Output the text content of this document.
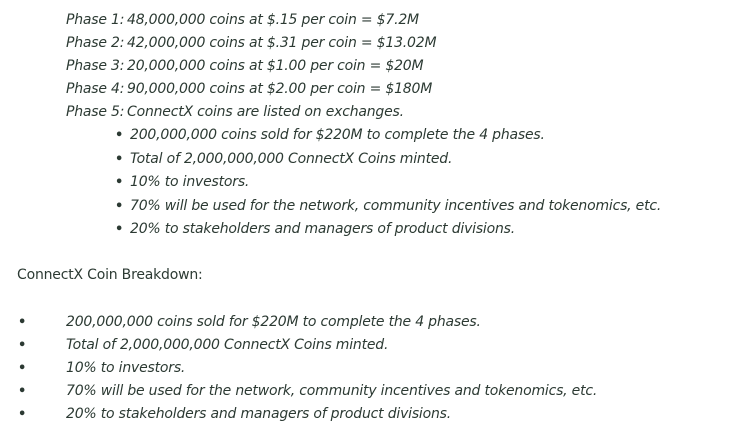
Phase 1: 48,000,000 coins at $.15 per coin = $7.2M
Phase 2: 42,000,000 coins at $.31 per coin = $13.02M
Phase 3: 20,000,000 coins at $1.00 per coin = $20M
Phase 4: 90,000,000 coins at $2.00 per coin = $180M
Phase 5: ConnectX coins are listed on exchanges.
• 200,000,000 coins sold for $220M to complete the 4 phases.
• Total of 2,000,000,000 ConnectX Coins minted.
• 10% to investors.
• 70% will be used for the network, community incentives and tokenomics, etc.
• 20% to stakeholders and managers of product divisions.
ConnectX Coin Breakdown:
•	200,000,000 coins sold for $220M to complete the 4 phases.
•	Total of 2,000,000,000 ConnectX Coins minted.
•	10% to investors.
•	70% will be used for the network, community incentives and tokenomics, etc.
•	20% to stakeholders and managers of product divisions.
